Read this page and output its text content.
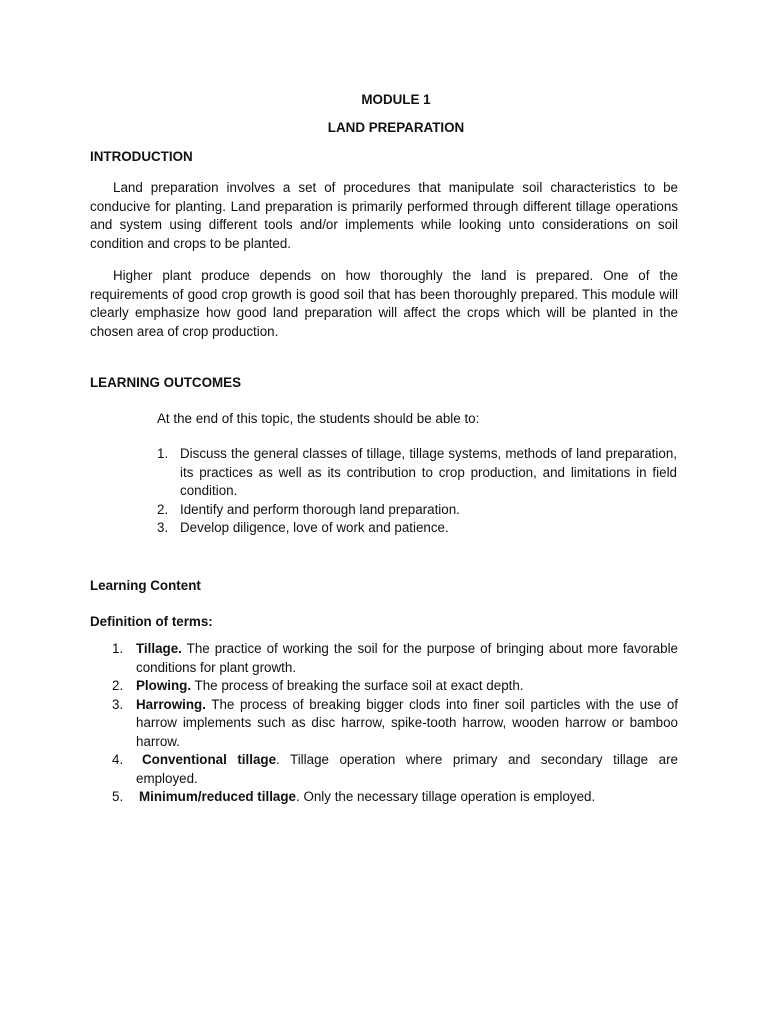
MODULE 1
LAND PREPARATION
INTRODUCTION

Land preparation involves a set of procedures that manipulate soil characteristics to be conducive for planting. Land preparation is primarily performed through different tillage operations and system using different tools and/or implements while looking unto considerations on soil condition and crops to be planted.

Higher plant produce depends on how thoroughly the land is prepared. One of the requirements of good crop growth is good soil that has been thoroughly prepared. This module will clearly emphasize how good land preparation will affect the crops which will be planted in the chosen area of crop production.

LEARNING OUTCOMES

At the end of this topic, the students should be able to:

1. Discuss the general classes of tillage, tillage systems, methods of land preparation, its practices as well as its contribution to crop production, and limitations in field condition.
2. Identify and perform thorough land preparation.
3. Develop diligence, love of work and patience.
Learning Content
Definition of terms:
1. Tillage. The practice of working the soil for the purpose of bringing about more favorable conditions for plant growth.
2. Plowing. The process of breaking the surface soil at exact depth.
3. Harrowing. The process of breaking bigger clods into finer soil particles with the use of harrow implements such as disc harrow, spike-tooth harrow, wooden harrow or bamboo harrow.
4. Conventional tillage. Tillage operation where primary and secondary tillage are employed.
5. Minimum/reduced tillage. Only the necessary tillage operation is employed.
